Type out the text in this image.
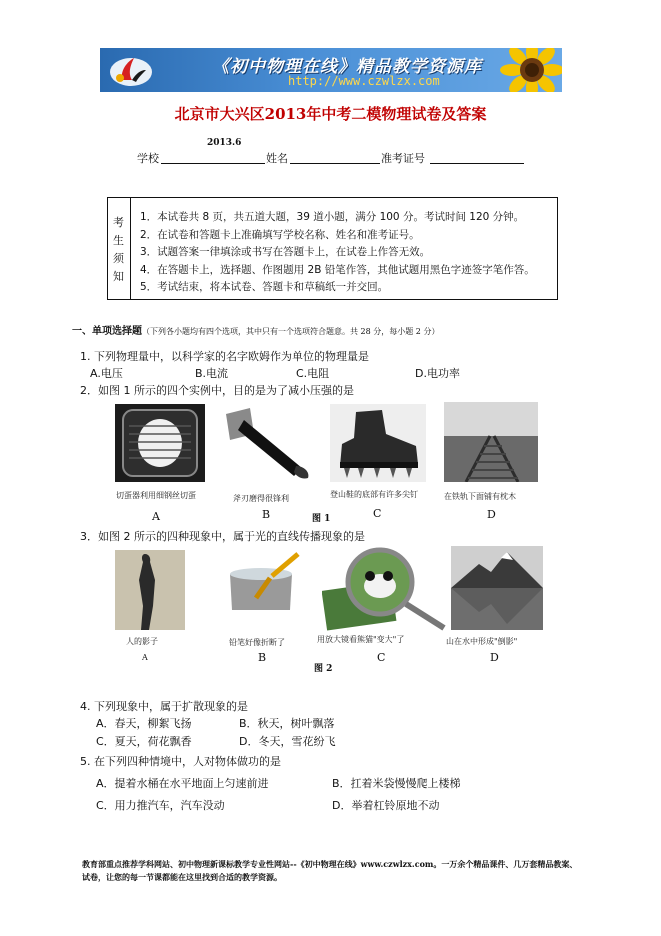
《初中物理在线》精品教学资源库
http://www.czwlzx.com
北京市大兴区2013年中考二模物理试卷及答案
2013.6
学校	姓名	准考证号
考
生
须
知
1．本试卷共 8 页，共五道大题，39 道小题，满分 100 分。考试时间 120 分钟。
2．在试卷和答题卡上准确填写学校名称、姓名和准考证号。
3．试题答案一律填涂或书写在答题卡上，在试卷上作答无效。
4．在答题卡上，选择题、作图题用 2B 铅笔作答，其他试题用黑色字迹签字笔作答。
5．考试结束，将本试卷、答题卡和草稿纸一并交回。
一、单项选择题（下列各小题均有四个选项，其中只有一个选项符合题意。共 28 分，每小题 2 分）
1. 下列物理量中，以科学家的名字欧姆作为单位的物理量是
A.电压	B.电流	C.电阻	D.电功率
2．如图 1 所示的四个实例中，目的是为了减小压强的是
切蛋器利用细钢丝切蛋	斧刃磨得很锋利	登山鞋的底部有许多尖钉	在铁轨下面铺有枕木
A	B	C	D
图 1
3．如图 2 所示的四种现象中，属于光的直线传播现象的是
人的影子	铅笔好像折断了	用放大镜看熊猫"变大"了	山在水中形成"倒影"
A	B	C	D
图 2
4. 下列现象中，属于扩散现象的是
A．春天，柳絮飞扬	B．秋天，树叶飘落
C．夏天，荷花飘香	D．冬天，雪花纷飞
5. 在下列四种情境中，人对物体做功的是
A．提着水桶在水平地面上匀速前进	B．扛着米袋慢慢爬上楼梯
C．用力推汽车，汽车没动	D．举着杠铃原地不动
教育部重点推荐学科网站、初中物理新课标教学专业性网站--《初中物理在线》www.czwlzx.com。一万余个精品课件、几万套精品教案、试卷，让您的每一节课都能在这里找到合适的教学资源。
